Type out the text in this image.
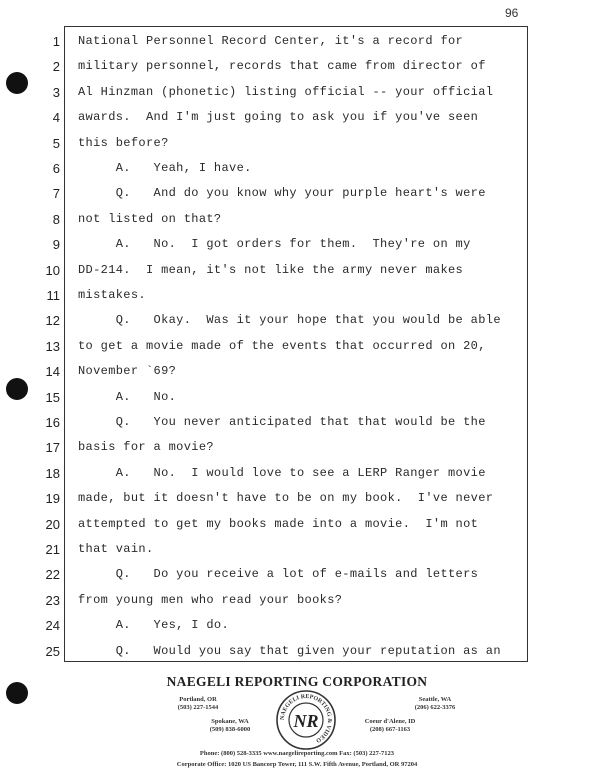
96
1 National Personnel Record Center, it's a record for
2 military personnel, records that came from director of
3 Al Hinzman (phonetic) listing official -- your official
4 awards.  And I'm just going to ask you if you've seen
5 this before?
6 A.   Yeah, I have.
7 Q.   And do you know why your purple heart's were
8 not listed on that?
9 A.   No.  I got orders for them.  They're on my
10 DD-214.  I mean, it's not like the army never makes
11 mistakes.
12 Q.   Okay.  Was it your hope that you would be able
13 to get a movie made of the events that occurred on 20,
14 November `69?
15 A.   No.
16 Q.   You never anticipated that that would be the
17 basis for a movie?
18 A.   No.  I would love to see a LERP Ranger movie
19 made, but it doesn't have to be on my book.  I've never
20 attempted to get my books made into a movie.  I'm not
21 that vain.
22 Q.   Do you receive a lot of e-mails and letters
23 from young men who read your books?
24 A.   Yes, I do.
25 Q.   Would you say that given your reputation as an
NAEGELI REPORTING CORPORATION
Portland, OR
(503) 227-1544
Seattle, WA
(206) 622-3376
Spokane, WA
(509) 838-6000
Coeur d'Alene, ID
(208) 667-1163
NAEGELI REPORTING & VIDEO
NR
Phone: (800) 528-3335 www.naegelireporting.com Fax: (503) 227-7123
Corporate Office: 1020 US Bancorp Tower, 111 S.W. Fifth Avenue, Portland, OR 97204
